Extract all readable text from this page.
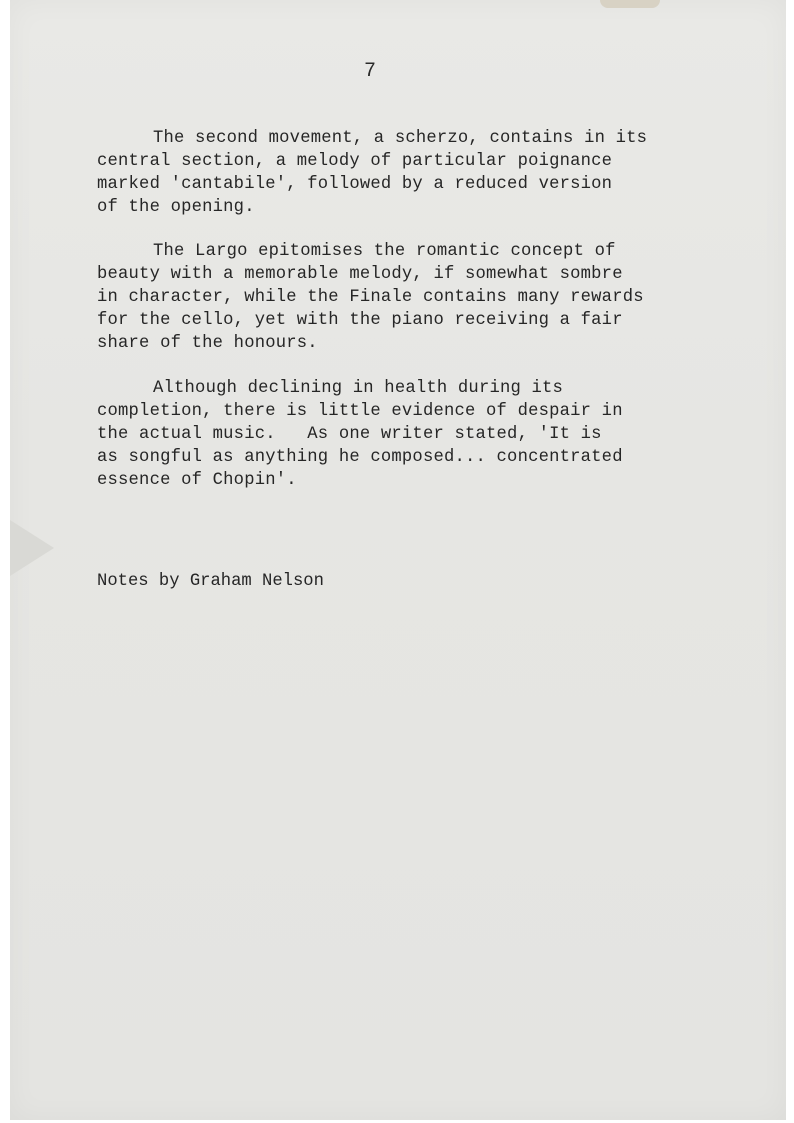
7
The second movement, a scherzo, contains in its
central section, a melody of particular poignance
marked 'cantabile', followed by a reduced version
of the opening.
The Largo epitomises the romantic concept of
beauty with a memorable melody, if somewhat sombre
in character, while the Finale contains many rewards
for the cello, yet with the piano receiving a fair
share of the honours.
Although declining in health during its
completion, there is little evidence of despair in
the actual music.   As one writer stated, 'It is
as songful as anything he composed... concentrated
essence of Chopin'.
Notes by Graham Nelson
